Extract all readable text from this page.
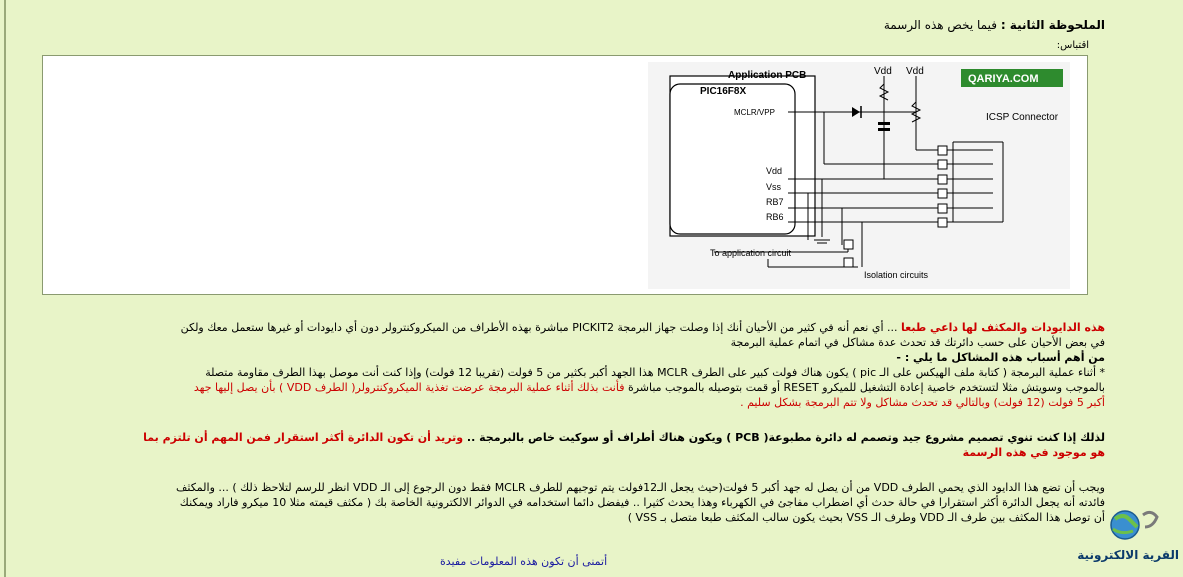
الملحوظة الثانية : فيما يخص هذه الرسمة
اقتباس:
Application PCB
PIC16F8X
MCLR/VPP
Vdd
Vss
RB7
RB6
Vdd Vdd
QARIYA.COM
ICSP Connector
To application circuit
Isolation circuits
هذه الدايودات والمكثف لها داعي طبعا ... أي نعم أنه في كثير من الأحيان أنك إذا وصلت جهاز البرمجة PICKIT2 مباشرة بهذه الأطراف من الميكروكنترولر دون أي دايودات أو غيرها ستعمل معك ولكن
في بعض الأحيان على حسب دائرتك قد تحدث عدة مشاكل في اتمام عملية البرمجة
من أهم أسباب هذه المشاكل ما يلي : -
* أثناء عملية البرمجة ( كتابة ملف الهيكس على الـ pic ) يكون هناك فولت كبير على الطرف MCLR هذا الجهد أكبر بكثير من 5 فولت (تقريبا 12 فولت) وإذا كنت أنت موصل بهذا الطرف مقاومة متصلة
بالموجب وسويتش مثلا لتستخدم خاصية إعادة التشغيل للميكرو RESET أو قمت بتوصيله بالموجب مباشرة فأنت بذلك أثناء عملية البرمجة عرضت تغذية الميكروكنترولر( الطرف VDD ) بأن يصل إليها جهد
أكبر 5 فولت (12 فولت) وبالتالي قد تحدث مشاكل ولا تتم البرمجة بشكل سليم .
لذلك إذا كنت تنوي تصميم مشروع جيد وتصمم له دائرة مطبوعة( PCB ) ويكون هناك أطراف أو سوكيت خاص بالبرمجة .. وتريد أن تكون الدائرة أكثر استقرار فمن المهم أن تلتزم بما
هو موجود في هذه الرسمة
ويجب أن تضع هذا الدايود الذي يحمي الطرف VDD من أن يصل له جهد أكبر 5 فولت(حيث يجعل الـ12فولت يتم توجيهم للطرف MCLR فقط دون الرجوع إلى الـ VDD انظر للرسم لتلاحظ ذلك ) ... والمكثف
فائدته أنه يجعل الدائرة أكثر استقرارا في حالة حدث أي اضطراب مفاجئ في الكهرباء وهذا يحدث كثيرا .. فيفضل دائما استخدامه في الدوائر الالكترونية الخاصة بك ( مكثف قيمته مثلا 10 ميكرو فاراد ويمكنك
أن توصل هذا المكثف بين طرف الـ VDD وطرف الـ VSS بحيث يكون سالب المكثف طبعا متصل بـ VSS )
أتمنى أن تكون هذه المعلومات مفيدة	القرية الالكترونية
